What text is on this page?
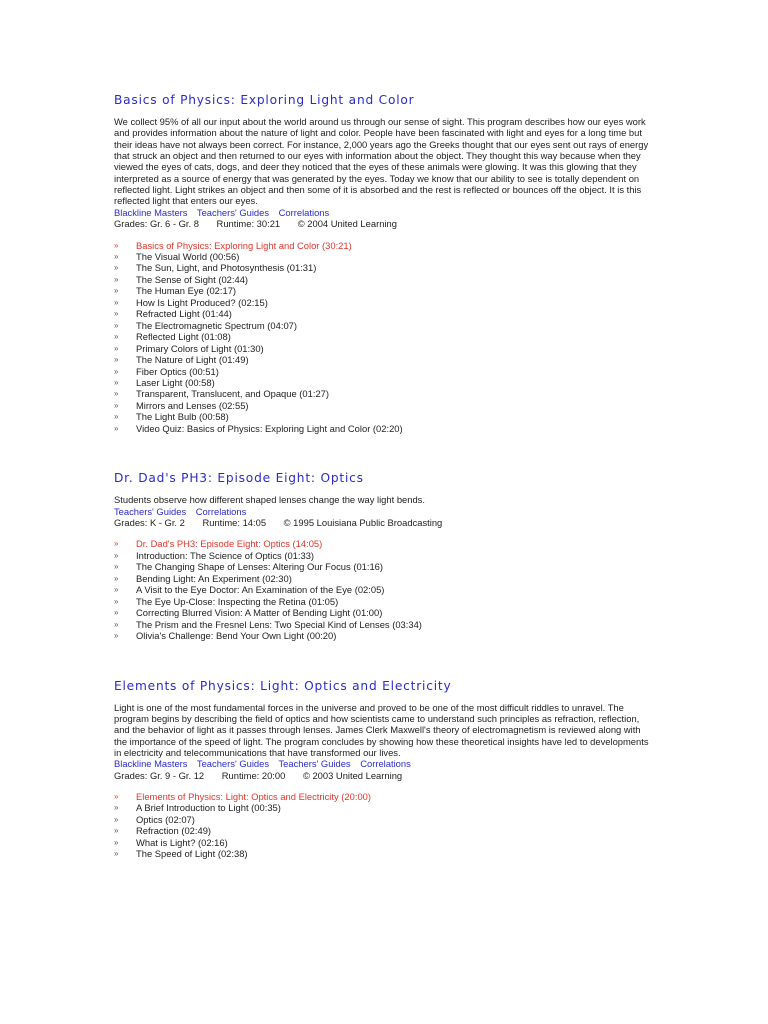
Basics of Physics: Exploring Light and Color

We collect 95% of all our input about the world around us through our sense of sight. This program describes how our eyes work and provides information about the nature of light and color. People have been fascinated with light and eyes for a long time but their ideas have not always been correct. For instance, 2,000 years ago the Greeks thought that our eyes sent out rays of energy that struck an object and then returned to our eyes with information about the object. They thought this way because when they viewed the eyes of cats, dogs, and deer they noticed that the eyes of these animals were glowing. It was this glowing that they interpreted as a source of energy that was generated by the eyes. Today we know that our ability to see is totally dependent on reflected light. Light strikes an object and then some of it is absorbed and the rest is reflected or bounces off the object. It is this reflected light that enters our eyes.

Blackline Masters Teachers' Guides Correlations
Grades: Gr. 6 - Gr. 8 Runtime: 30:21 © 2004 United Learning
»	Basics of Physics: Exploring Light and Color (30:21)
»	The Visual World (00:56)
»	The Sun, Light, and Photosynthesis (01:31)
»	The Sense of Sight (02:44)
»	The Human Eye (02:17)
»	How Is Light Produced? (02:15)
»	Refracted Light (01:44)
»	The Electromagnetic Spectrum (04:07)
»	Reflected Light (01:08)
»	Primary Colors of Light (01:30)
»	The Nature of Light (01:49)
»	Fiber Optics (00:51)
»	Laser Light (00:58)
»	Transparent, Translucent, and Opaque (01:27)
»	Mirrors and Lenses (02:55)
»	The Light Bulb (00:58)
»	Video Quiz: Basics of Physics: Exploring Light and Color (02:20)
Dr. Dad's PH3: Episode Eight: Optics

Students observe how different shaped lenses change the way light bends.

Teachers' Guides Correlations
Grades: K - Gr. 2 Runtime: 14:05 © 1995 Louisiana Public Broadcasting
»	Dr. Dad's PH3: Episode Eight: Optics (14:05)
»	Introduction: The Science of Optics (01:33)
»	The Changing Shape of Lenses: Altering Our Focus (01:16)
»	Bending Light: An Experiment (02:30)
»	A Visit to the Eye Doctor: An Examination of the Eye (02:05)
»	The Eye Up-Close: Inspecting the Retina (01:05)
»	Correcting Blurred Vision: A Matter of Bending Light (01:00)
»	The Prism and the Fresnel Lens: Two Special Kind of Lenses (03:34)
»	Olivia's Challenge: Bend Your Own Light (00:20)
Elements of Physics: Light: Optics and Electricity

Light is one of the most fundamental forces in the universe and proved to be one of the most difficult riddles to unravel. The program begins by describing the field of optics and how scientists came to understand such principles as refraction, reflection, and the behavior of light as it passes through lenses. James Clerk Maxwell's theory of electromagnetism is reviewed along with the importance of the speed of light. The program concludes by showing how these theoretical insights have led to developments in electricity and telecommunications that have transformed our lives.

Blackline Masters Teachers' Guides Teachers' Guides Correlations
Grades: Gr. 9 - Gr. 12 Runtime: 20:00 © 2003 United Learning
»	Elements of Physics: Light: Optics and Electricity (20:00)
»	A Brief Introduction to Light (00:35)
»	Optics (02:07)
»	Refraction (02:49)
»	What is Light? (02:16)
»	The Speed of Light (02:38)
